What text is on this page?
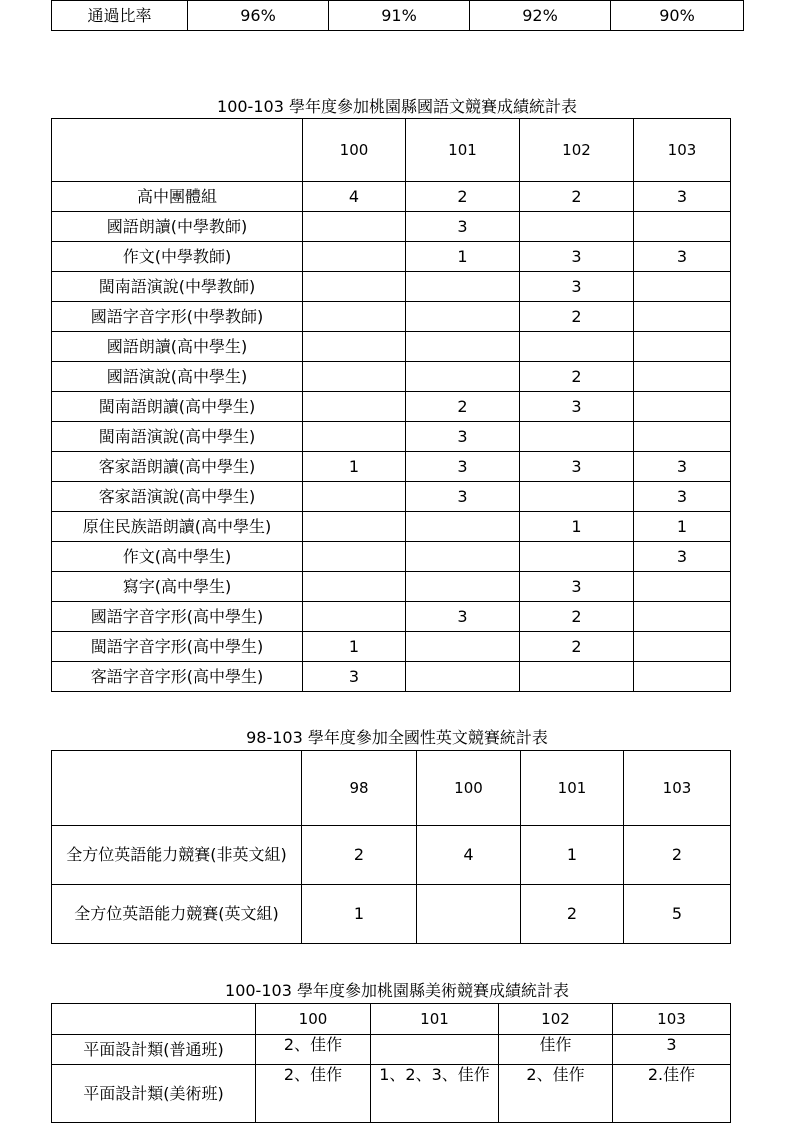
通過比率	96%	91%	92%	90%
100-103 學年度參加桃園縣國語文競賽成績統計表
	100	101	102	103
高中團體組	4	2	2	3
國語朗讀(中學教師)		3		
作文(中學教師)		1	3	3
閩南語演說(中學教師)			3	
國語字音字形(中學教師)			2	
國語朗讀(高中學生)				
國語演說(高中學生)			2	
閩南語朗讀(高中學生)		2	3	
閩南語演說(高中學生)		3		
客家語朗讀(高中學生)	1	3	3	3
客家語演說(高中學生)		3		3
原住民族語朗讀(高中學生)			1	1
作文(高中學生)				3
寫字(高中學生)			3	
國語字音字形(高中學生)		3	2	
閩語字音字形(高中學生)	1		2	
客語字音字形(高中學生)	3			
98-103 學年度參加全國性英文競賽統計表
	98	100	101	103
全方位英語能力競賽(非英文組)	2	4	1	2
全方位英語能力競賽(英文組)	1		2	5
100-103 學年度參加桃園縣美術競賽成績統計表
	100	101	102	103
平面設計類(普通班)	2、佳作		佳作	3
平面設計類(美術班)	2、佳作	1、2、3、佳作	2、佳作	2.佳作
